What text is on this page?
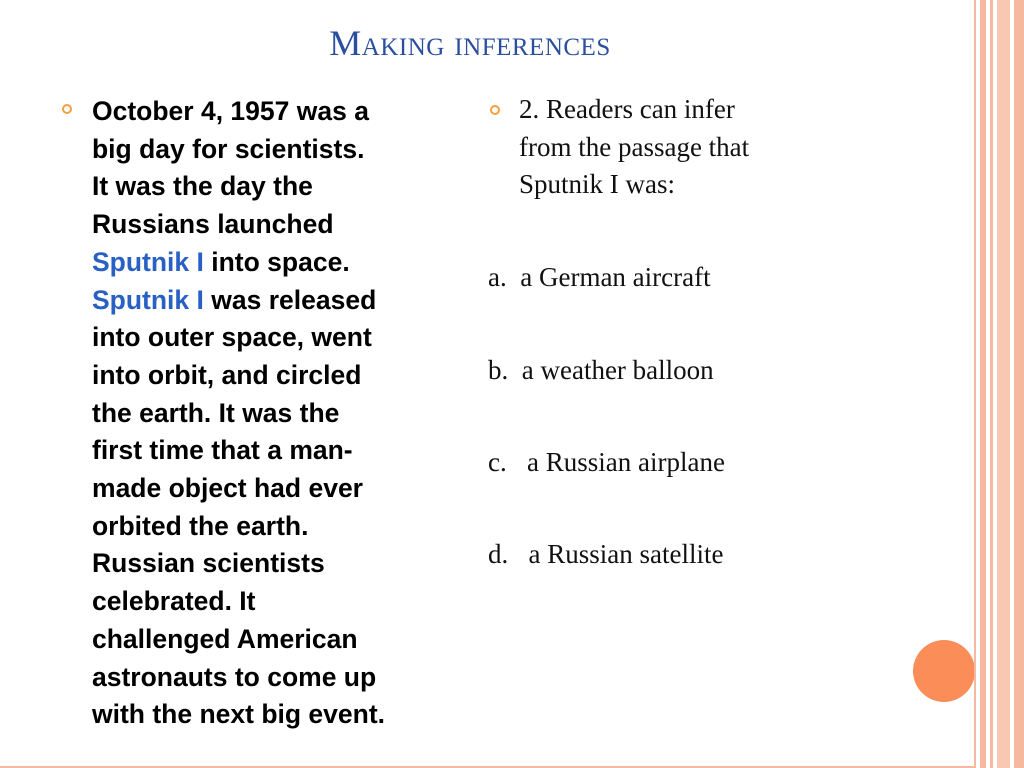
Making inferences
October 4, 1957 was a
big day for scientists.
It was the day the
Russians launched
Sputnik I into space.
Sputnik I was released
into outer space, went
into orbit, and circled
the earth. It was the
first time that a man-
made object had ever
orbited the earth.
Russian scientists
celebrated. It
challenged American
astronauts to come up
with the next big event.
2. Readers can infer
from the passage that
Sputnik I was:
a. a German aircraft
b. a weather balloon
c. a Russian airplane
d. a Russian satellite
